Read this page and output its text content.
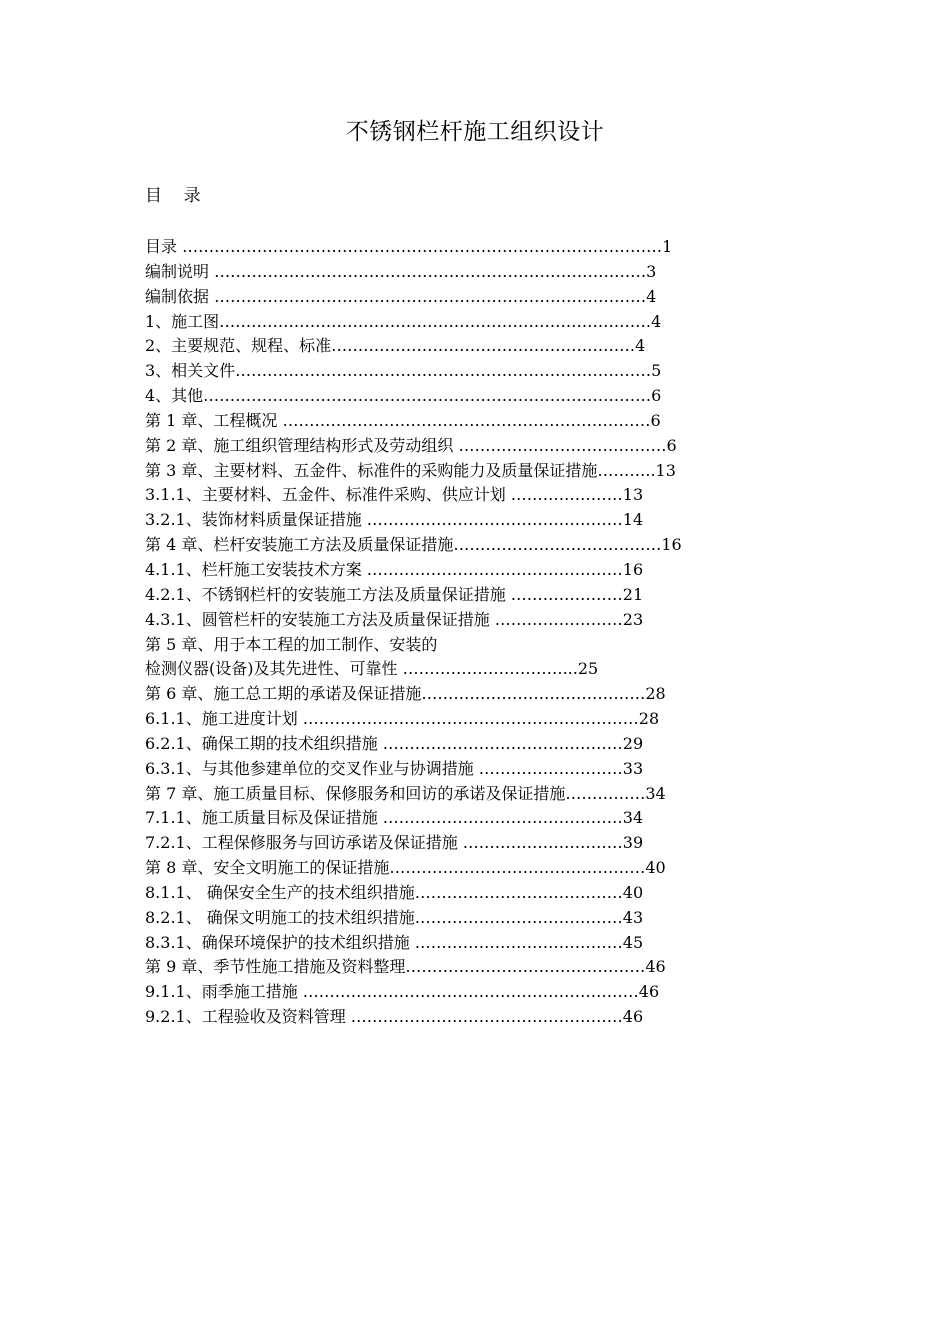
不锈钢栏杆施工组织设计
目    录
目录 ………………………………………………………………………………1
编制说明 ………………………………………………………………………3
编制依据 ………………………………………………………………………4
1、施工图………………………………………………………………………4
2、主要规范、规程、标准…………………………………………………4
3、相关文件……………………………………………………………………5
4、其他…………………………………………………………………………6
第 1 章、工程概况 ……………………………………………………………6
第 2 章、施工组织管理结构形式及劳动组织 …………………………………6
第 3 章、主要材料、五金件、标准件的采购能力及质量保证措施………..13
3.1.1、主要材料、五金件、标准件采购、供应计划 …………………13
3.2.1、装饰材料质量保证措施 …………………………………………14
第 4 章、栏杆安装施工方法及质量保证措施…………………………………16
4.1.1、栏杆施工安装技术方案 …………………………………………16
4.2.1、不锈钢栏杆的安装施工方法及质量保证措施 …………………21
4.3.1、圆管栏杆的安装施工方法及质量保证措施 ……………………23
第 5 章、用于本工程的加工制作、安装的
检测仪器(设备)及其先进性、可靠性 …………………………...25
第 6 章、施工总工期的承诺及保证措施……………………………………28
6.1.1、施工进度计划 ………………………………………………………28
6.2.1、确保工期的技术组织措施 ………………………………………29
6.3.1、与其他参建单位的交叉作业与协调措施 ………………………33
第 7 章、施工质量目标、保修服务和回访的承诺及保证措施……………34
7.1.1、施工质量目标及保证措施 ………………………………………34
7.2.1、工程保修服务与回访承诺及保证措施 …………………………39
第 8 章、安全文明施工的保证措施…………………………………………40
8.1.1、 确保安全生产的技术组织措施…………………………………40
8.2.1、 确保文明施工的技术组织措施…………………………………43
8.3.1、确保环境保护的技术组织措施 …………………………………45
第 9 章、季节性施工措施及资料整理………………………………………46
9.1.1、雨季施工措施 ………………………………………………………46
9.2.1、工程验收及资料管理 ……………………………………………46
